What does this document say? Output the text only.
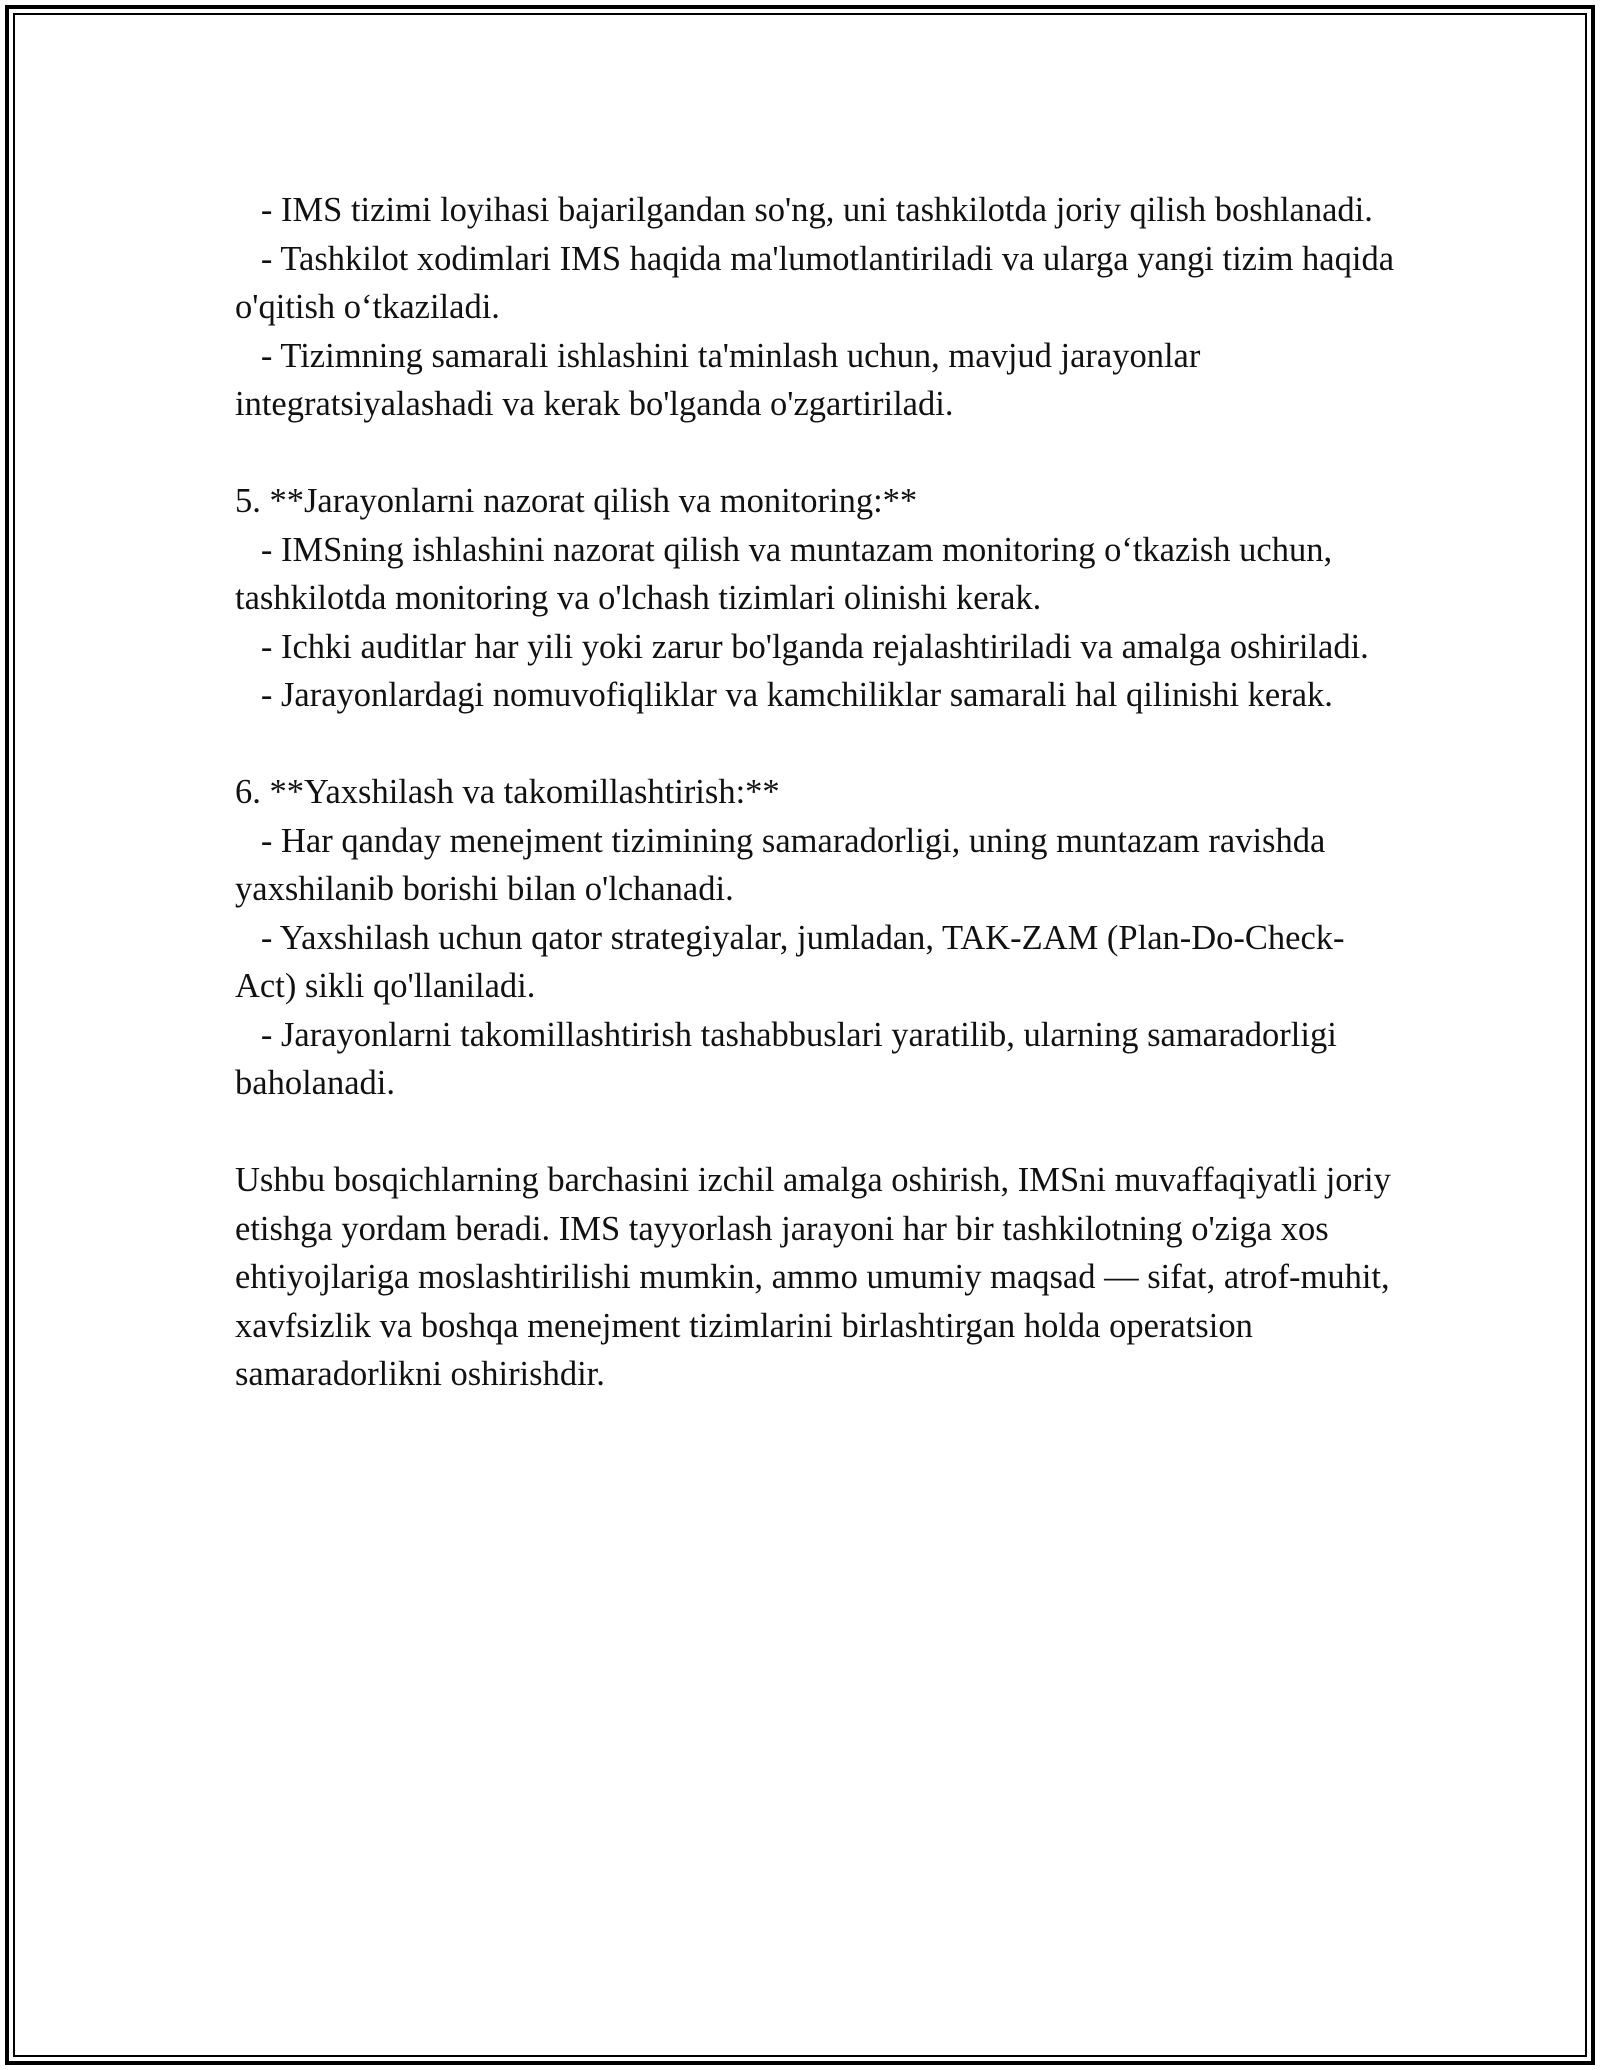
- IMS tizimi loyihasi bajarilgandan so'ng, uni tashkilotda joriy qilish boshlanadi.

- Tashkilot xodimlari IMS haqida ma'lumotlantiriladi va ularga yangi tizim haqida o'qitish o‘tkaziladi.

- Tizimning samarali ishlashini ta'minlash uchun, mavjud jarayonlar integratsiyalashadi va kerak bo'lganda o'zgartiriladi.

5. **Jarayonlarni nazorat qilish va monitoring:**

- IMSning ishlashini nazorat qilish va muntazam monitoring o‘tkazish uchun, tashkilotda monitoring va o'lchash tizimlari olinishi kerak.

- Ichki auditlar har yili yoki zarur bo'lganda rejalashtiriladi va amalga oshiriladi.

- Jarayonlardagi nomuvofiqliklar va kamchiliklar samarali hal qilinishi kerak.

6. **Yaxshilash va takomillashtirish:**

- Har qanday menejment tizimining samaradorligi, uning muntazam ravishda yaxshilanib borishi bilan o'lchanadi.

- Yaxshilash uchun qator strategiyalar, jumladan, TAK-ZAM (Plan-Do-Check-Act) sikli qo'llaniladi.

- Jarayonlarni takomillashtirish tashabbuslari yaratilib, ularning samaradorligi baholanadi.

Ushbu bosqichlarning barchasini izchil amalga oshirish, IMSni muvaffaqiyatli joriy etishga yordam beradi. IMS tayyorlash jarayoni har bir tashkilotning o'ziga xos ehtiyojlariga moslashtirilishi mumkin, ammo umumiy maqsad — sifat, atrof-muhit, xavfsizlik va boshqa menejment tizimlarini birlashtirgan holda operatsion samaradorlikni oshirishdir.
